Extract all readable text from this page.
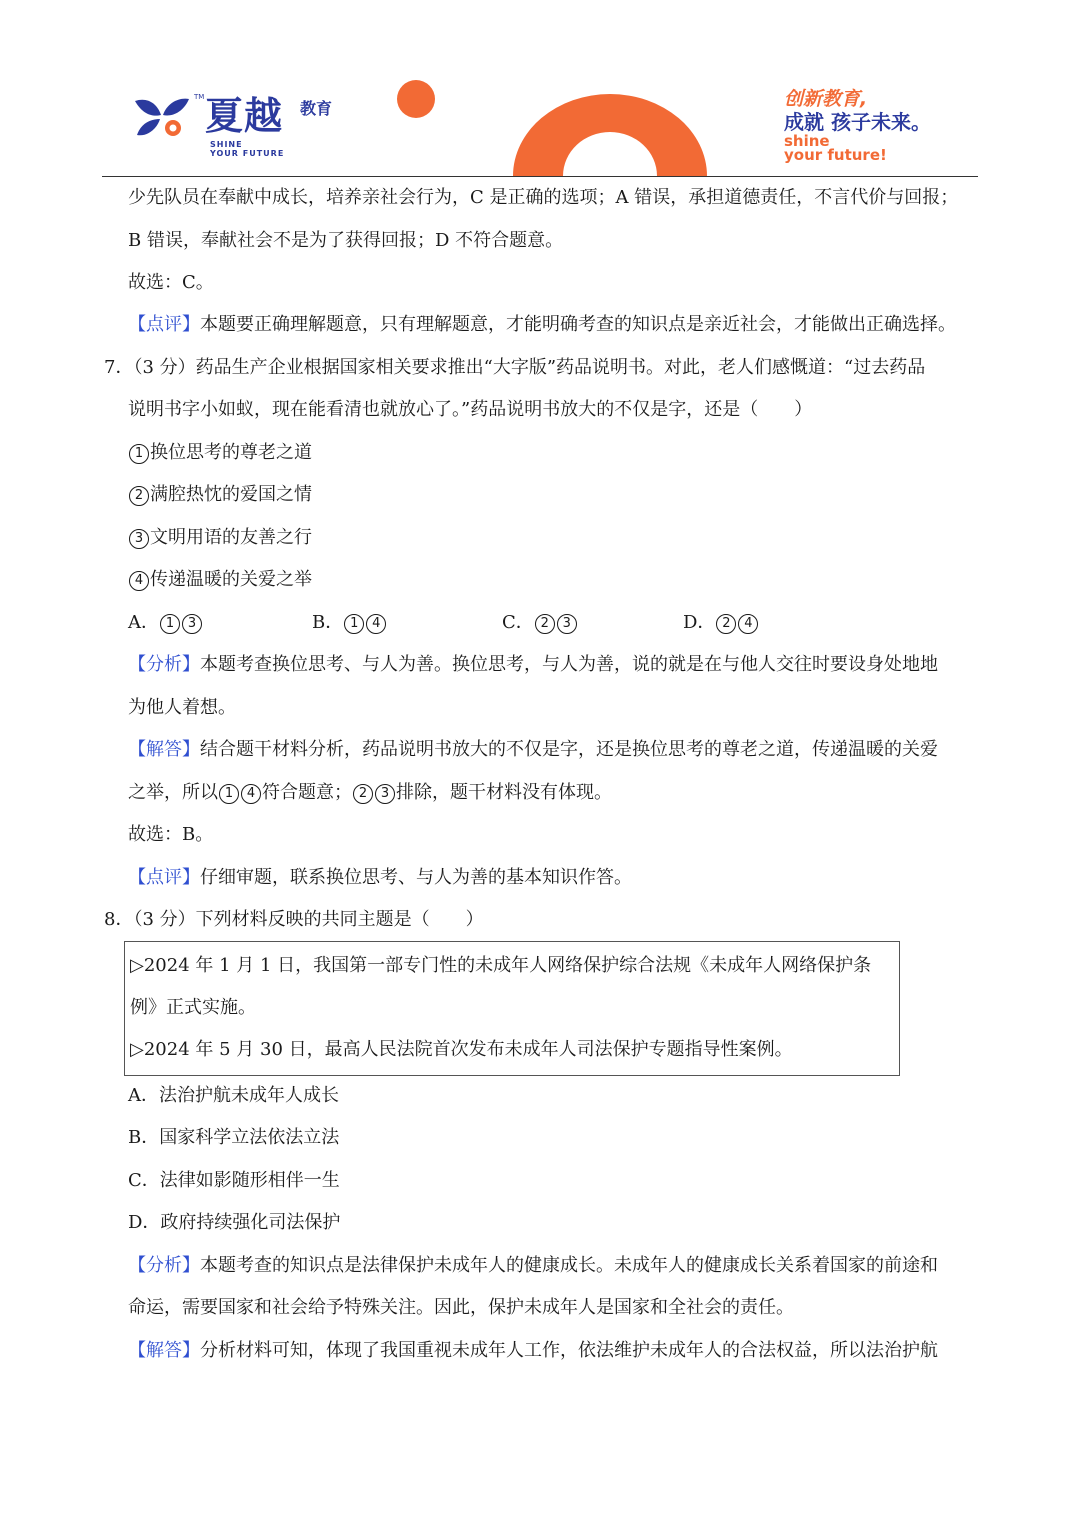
TM 夏越 教育
SHINE
YOUR FUTURE
创新教育,
成就 孩子未来。
shine
your future!
少先队员在奉献中成长，培养亲社会行为，C 是正确的选项；A 错误，承担道德责任，不言代价与回报；
B 错误，奉献社会不是为了获得回报；D 不符合题意。
故选：C。
【点评】本题要正确理解题意，只有理解题意，才能明确考查的知识点是亲近社会，才能做出正确选择。
7．（3 分）药品生产企业根据国家相关要求推出“大字版”药品说明书。对此，老人们感慨道：“过去药品
说明书字小如蚁，现在能看清也就放心了。”药品说明书放大的不仅是字，还是（　　）
1 换位思考的尊老之道
2 满腔热忱的爱国之情
3 文明用语的友善之行
4 传递温暖的关爱之举
A． 1 3	B． 1 4	C． 2 3	D． 2 4
【分析】本题考查换位思考、与人为善。换位思考，与人为善，说的就是在与他人交往时要设身处地地
为他人着想。
【解答】结合题干材料分析，药品说明书放大的不仅是字，还是换位思考的尊老之道，传递温暖的关爱
之举，所以 1 4 符合题意； 2 3 排除，题干材料没有体现。
故选：B。
【点评】仔细审题，联系换位思考、与人为善的基本知识作答。
8．（3 分）下列材料反映的共同主题是（　　）
▷2024 年 1 月 1 日，我国第一部专门性的未成年人网络保护综合法规《未成年人网络保护条
例》正式实施。
▷2024 年 5 月 30 日，最高人民法院首次发布未成年人司法保护专题指导性案例。
A．法治护航未成年人成长
B．国家科学立法依法立法
C．法律如影随形相伴一生
D．政府持续强化司法保护
【分析】本题考查的知识点是法律保护未成年人的健康成长。未成年人的健康成长关系着国家的前途和
命运，需要国家和社会给予特殊关注。因此，保护未成年人是国家和全社会的责任。
【解答】分析材料可知，体现了我国重视未成年人工作，依法维护未成年人的合法权益，所以法治护航
